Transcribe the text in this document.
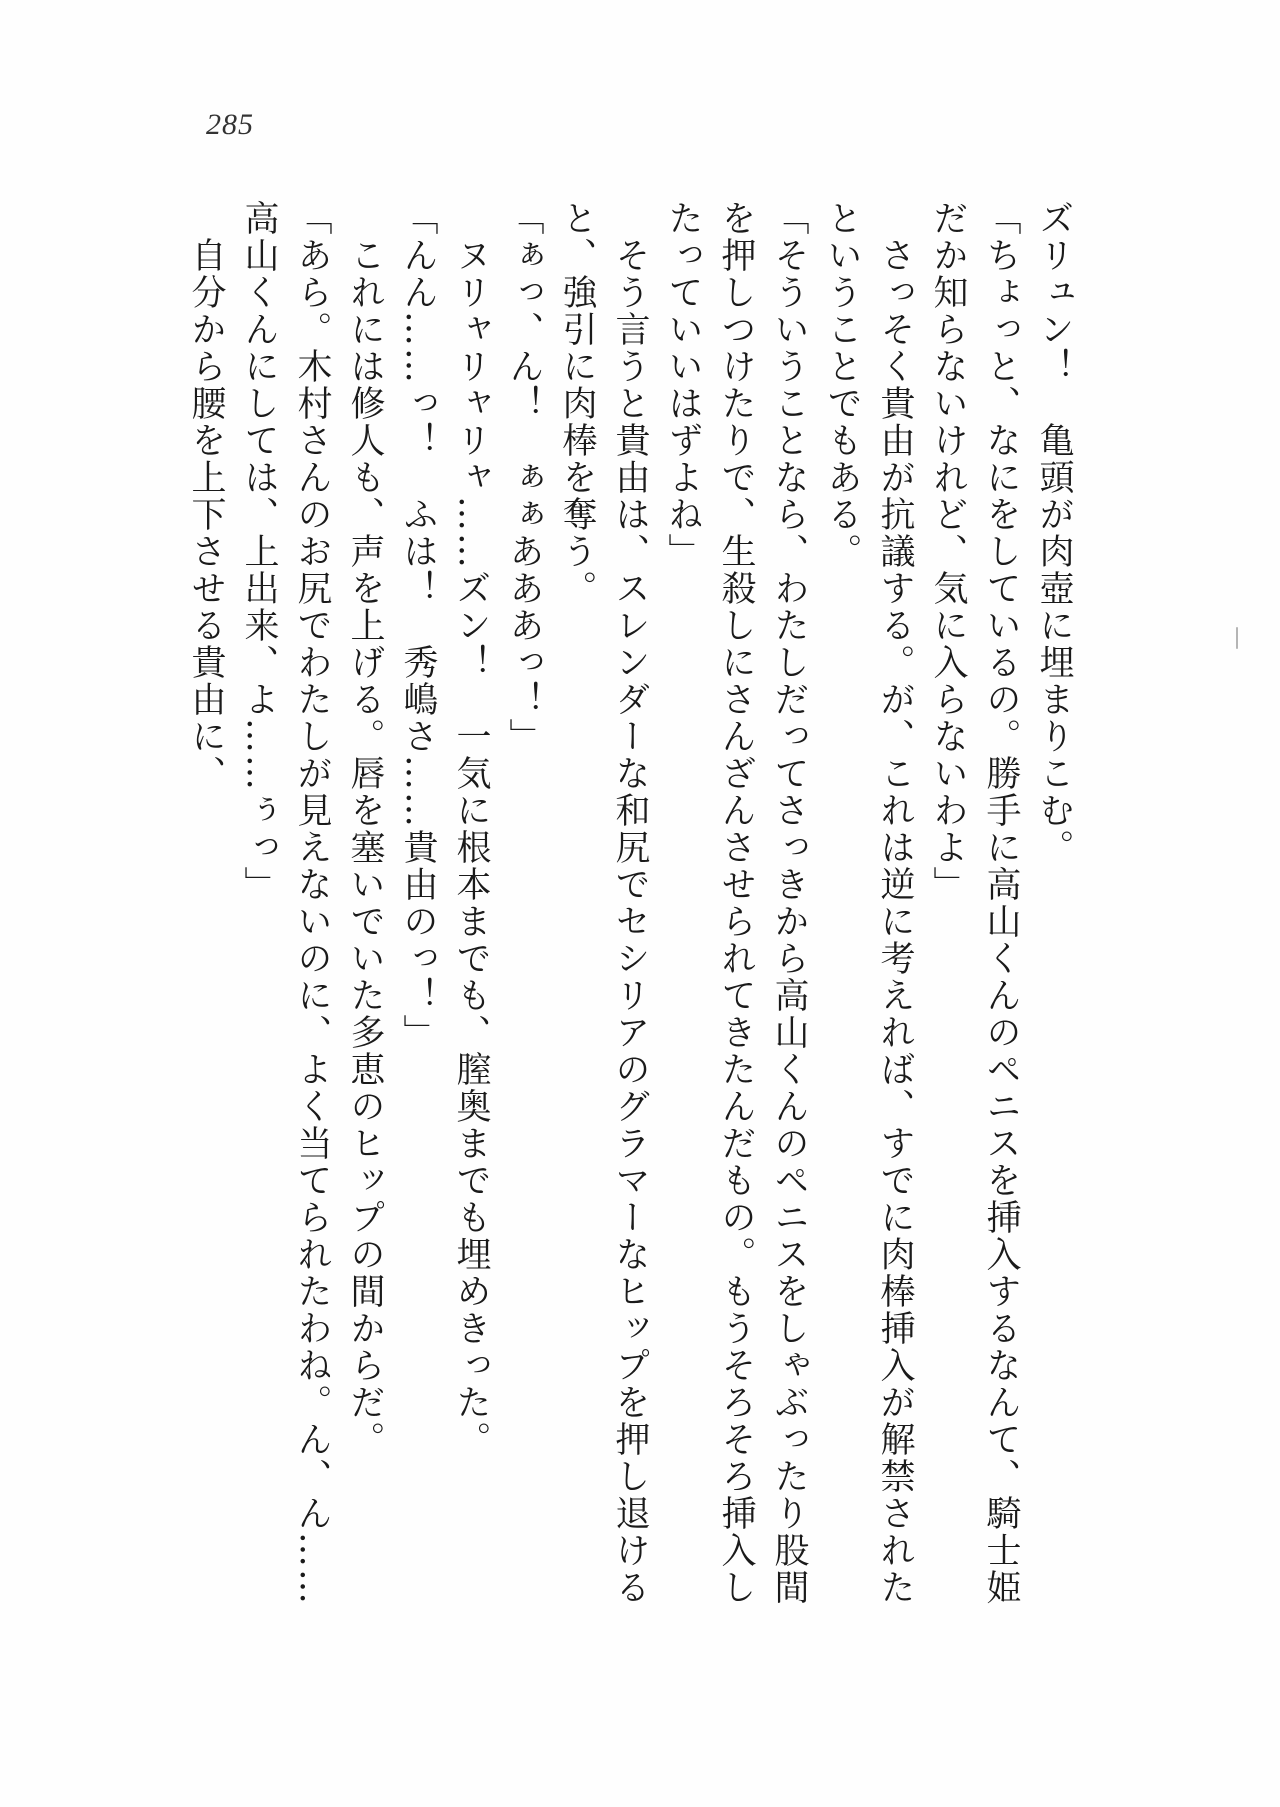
285

ズリュン！　亀頭が肉壺に埋まりこむ。

「ちょっと、なにをしているの。勝手に高山くんのペニスを挿入するなんて、騎士姫

だか知らないけれど、気に入らないわよ」

　さっそく貴由が抗議する。が、これは逆に考えれば、すでに肉棒挿入が解禁された

ということでもある。

「そういうことなら、わたしだってさっきから高山くんのペニスをしゃぶったり股間

を押しつけたりで、生殺しにさんざんさせられてきたんだもの。もうそろそろ挿入し

たっていいはずよね」

　そう言うと貴由は、スレンダーな和尻でセシリアのグラマーなヒップを押し退ける

と、強引に肉棒を奪う。

「ぁっ、ん！　ぁぁあああっ！」

　ヌリャリャリャ……ズン！　一気に根本までも、膣奥までも埋めきった。

「んん……っ！　ふは！　秀嶋さ……貴由のっ！」

　これには修人も、声を上げる。唇を塞いでいた多恵のヒップの間からだ。

「あら。木村さんのお尻でわたしが見えないのに、よく当てられたわね。ん、ん……

高山くんにしては、上出来、よ……ぅっ」

　自分から腰を上下させる貴由に、
